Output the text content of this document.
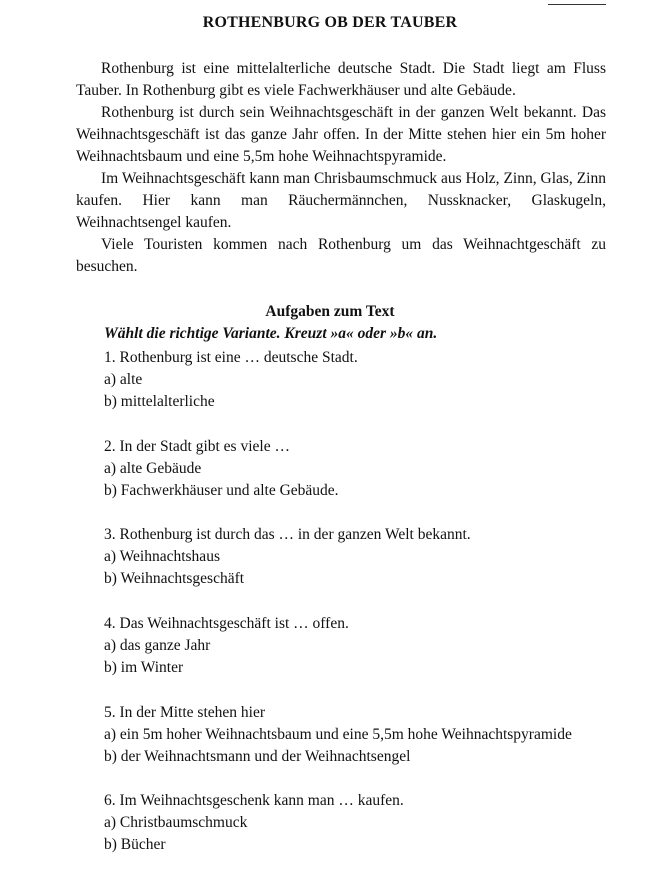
ROTHENBURG OB DER TAUBER

Rothenburg ist eine mittelalterliche deutsche Stadt. Die Stadt liegt am Fluss Tauber. In Rothenburg gibt es viele Fachwerkhäuser und alte Gebäude.

Rothenburg ist durch sein Weihnachtsgeschäft in der ganzen Welt bekannt. Das Weihnachtsgeschäft ist das ganze Jahr offen. In der Mitte stehen hier ein 5m hoher Weihnachtsbaum und eine 5,5m hohe Weihnachtspyramide.

Im Weihnachtsgeschäft kann man Chrisbaumschmuck aus Holz, Zinn, Glas, Zinn kaufen. Hier kann man Räuchermännchen, Nussknacker, Glaskugeln, Weihnachtsengel kaufen.

Viele Touristen kommen nach Rothenburg um das Weihnachtgeschäft zu besuchen.

Aufgaben zum Text
Wählt die richtige Variante. Kreuzt »a« oder »b« an.
1. Rothenburg ist eine … deutsche Stadt.
a) alte
b) mittelalterliche
2. In der Stadt gibt es viele …
a) alte Gebäude
b) Fachwerkhäuser und alte Gebäude.
3. Rothenburg ist durch das … in der ganzen Welt bekannt.
a) Weihnachtshaus
b) Weihnachtsgeschäft
4. Das Weihnachtsgeschäft ist … offen.
a) das ganze Jahr
b) im Winter
5. In der Mitte stehen hier
a) ein 5m hoher Weihnachtsbaum und eine 5,5m hohe Weihnachtspyramide
b) der Weihnachtsmann und der Weihnachtsengel
6. Im Weihnachtsgeschenk kann man … kaufen.
a) Christbaumschmuck
b) Bücher
